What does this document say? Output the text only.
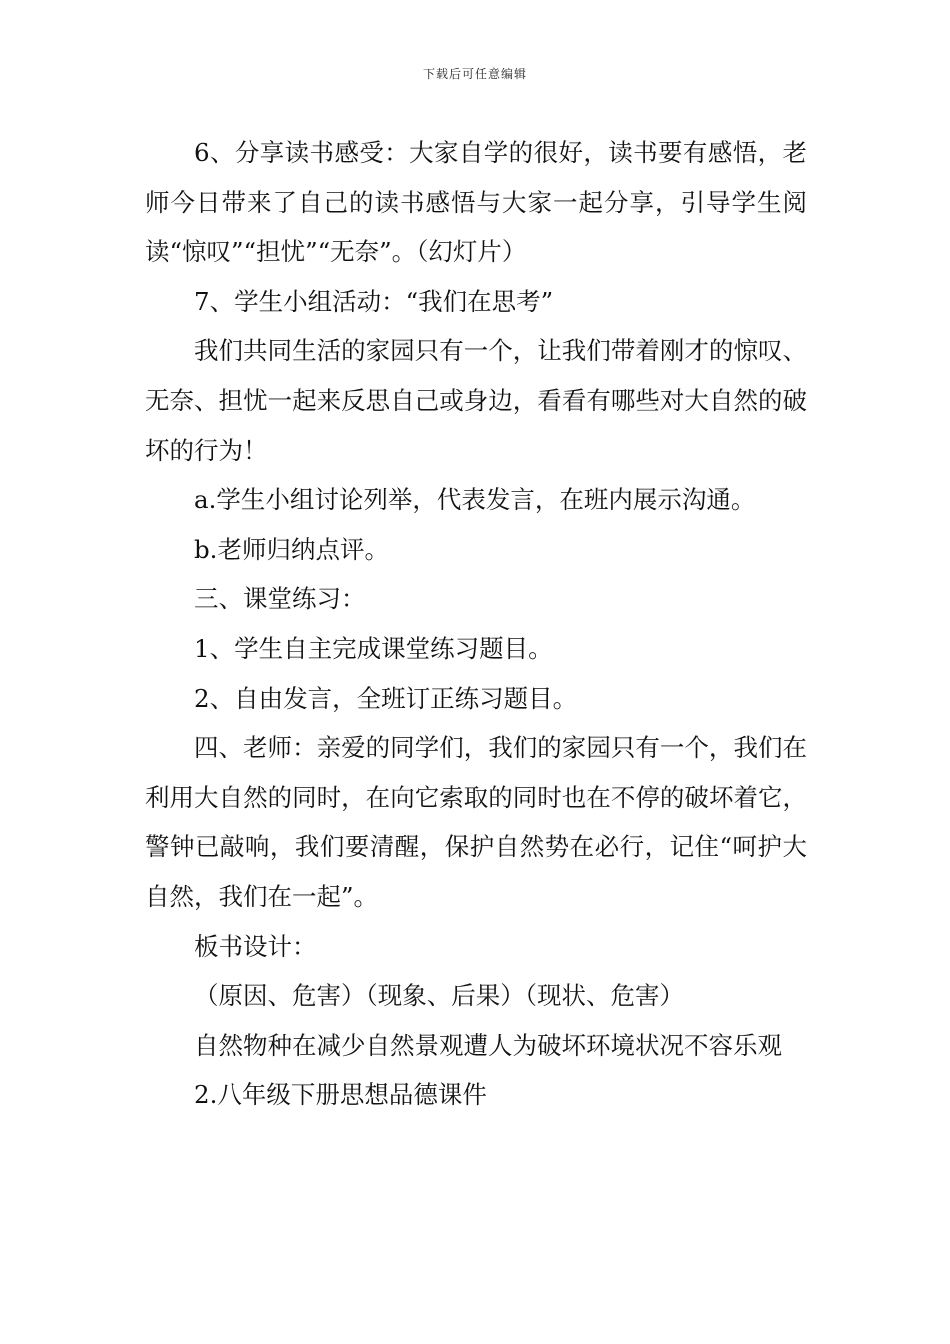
下载后可任意编辑

6、分享读书感受：大家自学的很好，读书要有感悟，老师今日带来了自己的读书感悟与大家一起分享，引导学生阅读“惊叹”“担忧”“无奈”。（幻灯片）

7、学生小组活动：“我们在思考”

我们共同生活的家园只有一个，让我们带着刚才的惊叹、无奈、担忧一起来反思自己或身边，看看有哪些对大自然的破坏的行为！

a.学生小组讨论列举，代表发言，在班内展示沟通。

b.老师归纳点评。

三、课堂练习：

1、学生自主完成课堂练习题目。

2、自由发言，全班订正练习题目。

四、老师：亲爱的同学们，我们的家园只有一个，我们在利用大自然的同时，在向它索取的同时也在不停的破坏着它，警钟已敲响，我们要清醒，保护自然势在必行，记住“呵护大自然，我们在一起”。

板书设计：

（原因、危害）（现象、后果）（现状、危害）

自然物种在减少自然景观遭人为破坏环境状况不容乐观

2.八年级下册思想品德课件
